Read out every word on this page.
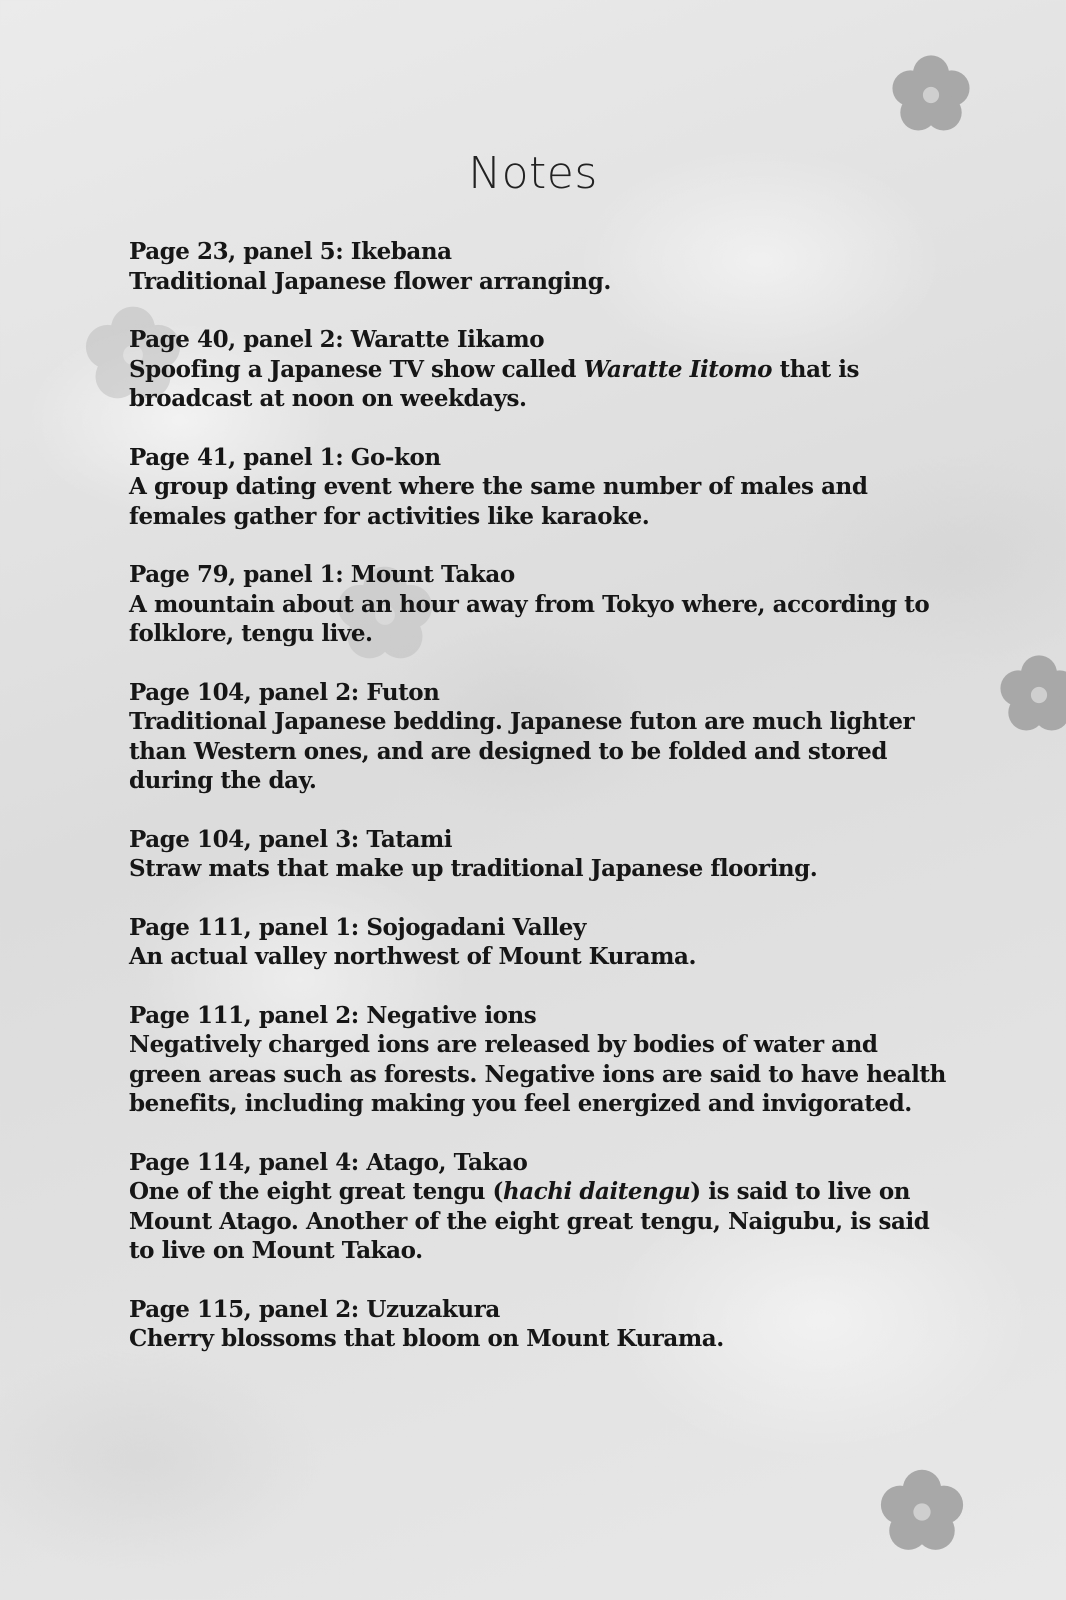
Notes

Page 23, panel 5: Ikebana

Traditional Japanese flower arranging.

Page 40, panel 2: Waratte Iikamo

Spoofing a Japanese TV show called Waratte Iitomo that is broadcast at noon on weekdays.

Page 41, panel 1: Go-kon

A group dating event where the same number of males and females gather for activities like karaoke.

Page 79, panel 1: Mount Takao

A mountain about an hour away from Tokyo where, according to folklore, tengu live.

Page 104, panel 2: Futon

Traditional Japanese bedding. Japanese futon are much lighter than Western ones, and are designed to be folded and stored during the day.

Page 104, panel 3: Tatami

Straw mats that make up traditional Japanese flooring.

Page 111, panel 1: Sojogadani Valley

An actual valley northwest of Mount Kurama.

Page 111, panel 2: Negative ions

Negatively charged ions are released by bodies of water and green areas such as forests. Negative ions are said to have health benefits, including making you feel energized and invigorated.

Page 114, panel 4: Atago, Takao

One of the eight great tengu (hachi daitengu) is said to live on Mount Atago. Another of the eight great tengu, Naigubu, is said to live on Mount Takao.

Page 115, panel 2: Uzuzakura

Cherry blossoms that bloom on Mount Kurama.
